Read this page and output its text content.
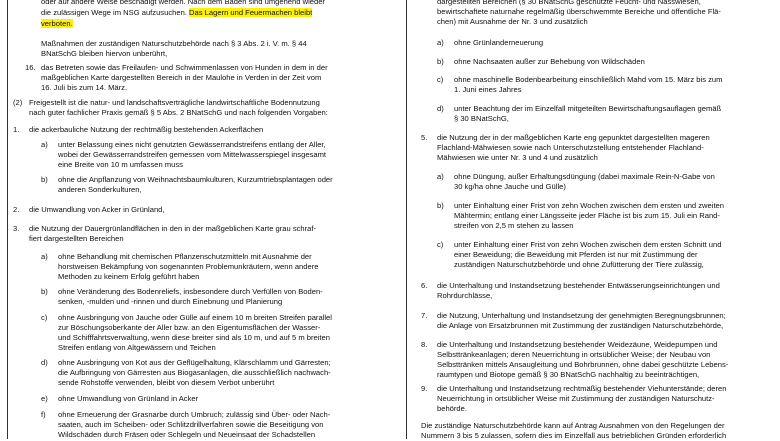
oder auf andere Weise beschädigt werden. Nach dem Baden sind umgehend wieder
die zulässigen Wege im NSG aufzusuchen. Das Lagern und Feuermachen bleibt
verboten.
Maßnahmen der zuständigen Naturschutzbehörde nach § 3 Abs. 2 i. V. m. § 44
BNatSchG bleiben hiervon unberührt,
16. das Betreten sowie das Freilaufen- und Schwimmenlassen von Hunden in dem in der
maßgeblichen Karte dargestellten Bereich in der Maulohe in Verden in der Zeit vom
16. Juli bis zum 14. März.
(2) Freigestellt ist die natur- und landschaftsverträgliche landwirtschaftliche Bodennutzung
nach guter fachlicher Praxis gemäß § 5 Abs. 2 BNatSchG und nach folgenden Vorgaben:
1. die ackerbauliche Nutzung der rechtmäßig bestehenden Ackerflächen
a) unter Belassung eines nicht genutzten Gewässerrandstreifens entlang der Aller,
wobei der Gewässerrandstreifen gemessen vom Mittelwasserspiegel insgesamt
eine Breite von 10 m umfassen muss
b) ohne die Anpflanzung von Weihnachtsbaumkulturen, Kurzumtriebsplantagen oder
anderen Sonderkulturen,
2. die Umwandlung von Acker in Grünland,
3. die Nutzung der Dauergrünlandflächen in den in der maßgeblichen Karte grau schraf-
fiert dargestellten Bereichen
a) ohne Behandlung mit chemischen Pflanzenschutzmitteln mit Ausnahme der
horstweisen Bekämpfung von sogenannten Problemunkräutern, wenn andere
Methoden zu keinem Erfolg geführt haben
b) ohne Veränderung des Bodenreliefs, insbesondere durch Verfüllen von Boden-
senken, -mulden und -rinnen und durch Einebnung und Planierung
c) ohne Ausbringung von Jauche oder Gülle auf einem 10 m breiten Streifen parallel
zur Böschungsoberkante der Aller bzw. an den Eigentumsflächen der Wasser-
und Schifffahrtsverwaltung, wenn diese breiter sind als 10 m, und auf 5 m breiten
Streifen entlang von Altgewässern und Teichen
d) ohne Ausbringung von Kot aus der Geflügelhaltung, Klärschlamm und Gärresten;
die Aufbringung von Gärresten aus Biogasanlagen, die ausschließlich nachwach-
sende Rohstoffe verwenden, bleibt von diesem Verbot unberührt
e) ohne Umwandlung von Grünland in Acker
f) ohne Erneuerung der Grasnarbe durch Umbruch; zulässig sind Über- oder Nach-
saaten, auch im Scheiben- oder Schlitzdrillverfahren sowie die Beseitigung von
Wildschäden durch Fräsen oder Schlegeln und Neueinsaat der Schadstellen
dargestellten Bereichen (§ 30 BNatSchG geschützte Feucht- und Nasswiesen,
bewirtschaftete naturnahe regelmäßig überschwemmte Bereiche und öffentliche Flä-
chen) mit Ausnahme der Nr. 3 und zusätzlich
a) ohne Grünlanderneuerung
b) ohne Nachsaaten außer zur Behebung von Wildschäden
c) ohne maschinelle Bodenbearbeitung einschließlich Mahd vom 15. März bis zum
1. Juni eines Jahres
d) unter Beachtung der im Einzelfall mitgeteilten Bewirtschaftungsauflagen gemäß
§ 30 BNatSchG,
5. die Nutzung der in der maßgeblichen Karte eng gepunktet dargestellten mageren
Flachland-Mähwiesen sowie nach Unterschutzstellung entstehender Flachland-
Mähwiesen wie unter Nr. 3 und 4 und zusätzlich
a) ohne Düngung, außer Erhaltungsdüngung (dabei maximale Rein-N-Gabe von
30 kg/ha ohne Jauche und Gülle)
b) unter Einhaltung einer Frist von zehn Wochen zwischen dem ersten und zweiten
Mähtermin; entlang einer Längsseite jeder Fläche ist bis zum 15. Juli ein Rand-
streifen von 2,5 m stehen zu lassen
c) unter Einhaltung einer Frist von zehn Wochen zwischen dem ersten Schnitt und
einer Beweidung; die Beweidung mit Pferden ist nur mit Zustimmung der
zuständigen Naturschutzbehörde und ohne Zufütterung der Tiere zulässig,
6. die Unterhaltung und Instandsetzung bestehender Entwässerungseinrichtungen und
Rohrdurchlässe,
7. die Nutzung, Unterhaltung und Instandsetzung der genehmigten Beregnungsbrunnen;
die Anlage von Ersatzbrunnen mit Zustimmung der zuständigen Naturschutzbehörde,
8. die Unterhaltung und Instandsetzung bestehender Weidezäune, Weidepumpen und
Selbsttränkeanlagen; deren Neuerrichtung in ortsüblicher Weise; der Neubau von
Selbsttränken mittels Ansaugleitung und Bohrbrunnen, ohne dabei geschützte Lebens-
raumtypen und Biotope gemäß § 30 BNatSchG nachhaltig zu beeinträchtigen,
9. die Unterhaltung und Instandsetzung rechtmäßig bestehender Viehunterstände; deren
Neuerrichtung in ortsüblicher Weise mit Zustimmung der zuständigen Naturschutz-
behörde.
Die zuständige Naturschutzbehörde kann auf Antrag Ausnahmen von den Regelungen der
Nummern 3 bis 5 zulassen, sofern dies im Einzelfall aus betrieblichen Gründen erforderlich
